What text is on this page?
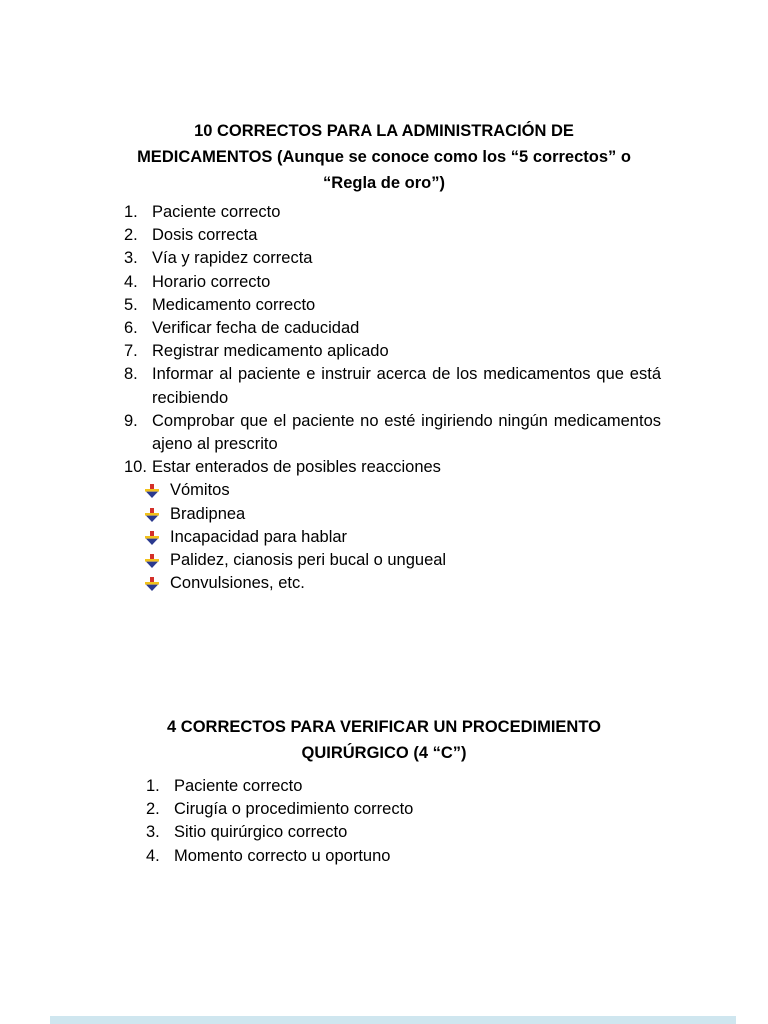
10 CORRECTOS PARA LA ADMINISTRACIÓN DE
MEDICAMENTOS (Aunque se conoce como los “5 correctos” o
“Regla de oro”)
1. Paciente correcto
2. Dosis correcta
3. Vía y rapidez correcta
4. Horario correcto
5. Medicamento correcto
6. Verificar fecha de caducidad
7. Registrar medicamento aplicado
8. Informar al paciente e instruir acerca de los medicamentos que está recibiendo
9. Comprobar que el paciente no esté ingiriendo ningún medicamentos ajeno al prescrito
10. Estar enterados de posibles reacciones
Vómitos
Bradipnea
Incapacidad para hablar
Palidez, cianosis peri bucal o ungueal
Convulsiones, etc.
4 CORRECTOS PARA VERIFICAR UN PROCEDIMIENTO
QUIRÚRGICO (4 “C”)
1. Paciente correcto
2. Cirugía o procedimiento correcto
3. Sitio quirúrgico correcto
4. Momento correcto u oportuno
